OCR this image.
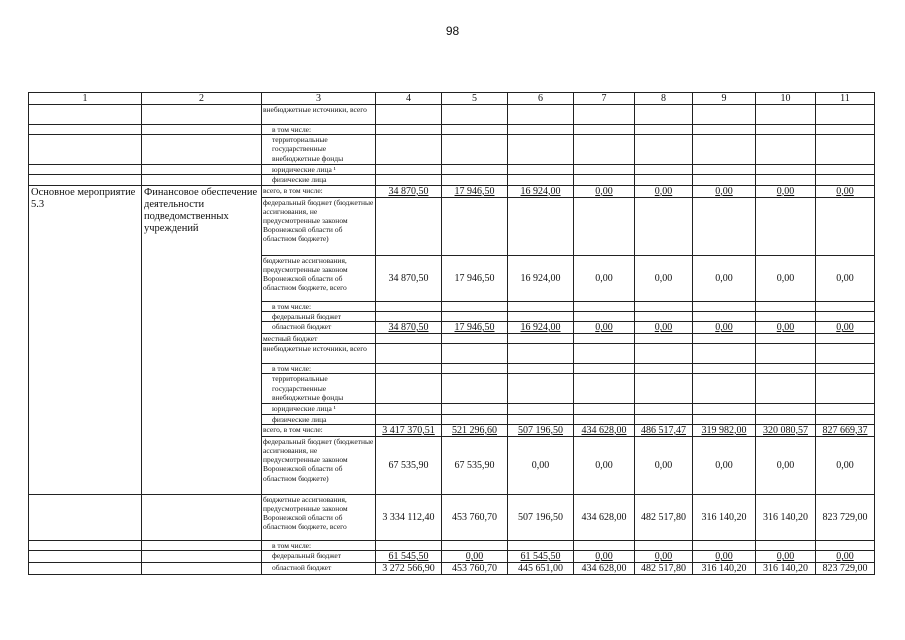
98
1	2	3	4	5	6	7	8	9	10	11
		внебюджетные источники, всего								
		в том числе:								
		территориальные государственные внебюджетные фонды								
		юридические лица ¹								
		физические лица								
Основное мероприятие 5.3	Финансовое обеспечение деятельности подведомственных учреждений	всего, в том числе:	34 870,50	17 946,50	16 924,00	0,00	0,00	0,00	0,00	0,00
		федеральный бюджет (бюджетные ассигнования, не предусмотренные законом Воронежской области об областном бюджете)								
		бюджетные ассигнования, предусмотренные законом Воронежской области об областном бюджете, всего	34 870,50	17 946,50	16 924,00	0,00	0,00	0,00	0,00	0,00
		в том числе:								
		федеральный бюджет								
		областной бюджет	34 870,50	17 946,50	16 924,00	0,00	0,00	0,00	0,00	0,00
		местный бюджет								
		внебюджетные источники, всего								
		в том числе:								
		территориальные государственные внебюджетные фонды								
		юридические лица ¹								
		физические лица								
		всего, в том числе:	3 417 370,51	521 296,60	507 196,50	434 628,00	486 517,47	319 982,00	320 080,57	827 669,37
		федеральный бюджет (бюджетные ассигнования, не предусмотренные законом Воронежской области об областном бюджете)	67 535,90	67 535,90	0,00	0,00	0,00	0,00	0,00	0,00
		бюджетные ассигнования, предусмотренные законом Воронежской области об областном бюджете, всего	3 334 112,40	453 760,70	507 196,50	434 628,00	482 517,80	316 140,20	316 140,20	823 729,00
		в том числе:								
		федеральный бюджет	61 545,50	0,00	61 545,50	0,00	0,00	0,00	0,00	0,00
		областной бюджет	3 272 566,90	453 760,70	445 651,00	434 628,00	482 517,80	316 140,20	316 140,20	823 729,00
